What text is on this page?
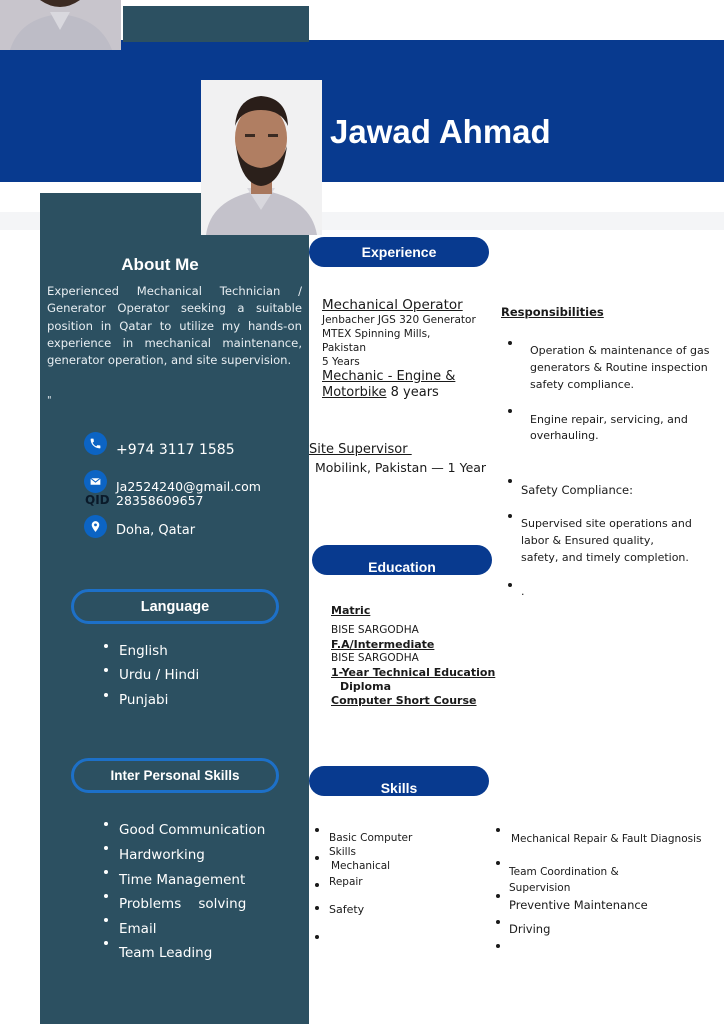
Jawad Ahmad
About Me
Experienced Mechanical Technician / Generator Operator seeking a suitable position in Qatar to utilize my hands-on experience in mechanical maintenance, generator operation, and site supervision.
"
+974 3117 1585
Ja2524240@gmail.com
QID 28358609657
Doha, Qatar
Language
English
Urdu / Hindi
Punjabi
Inter Personal Skills
Good Communication
Hardworking
Time Management
Problems    solving
Email
Team Leading
Experience
Mechanical Operator
Jenbacher JGS 320 Generator
MTEX Spinning Mills,
Pakistan
5 Years
Mechanic - Engine &
Motorbike 8 years
Site Supervisor
Mobilink, Pakistan — 1 Year
Responsibilities
Operation & maintenance of gas
generators & Routine inspection
safety compliance.
Engine repair, servicing, and
overhauling.
Safety Compliance:
Supervised site operations and
labor & Ensured quality,
safety, and timely completion.
.
Education
Matric
BISE SARGODHA
F.A/Intermediate
BISE SARGODHA
1-Year Technical Education
Diploma
Computer Short Course
Skills
Basic Computer
Skills
Mechanical
Repair
Safety
Mechanical Repair & Fault Diagnosis
Team Coordination &
Supervision
Preventive Maintenance
Driving
